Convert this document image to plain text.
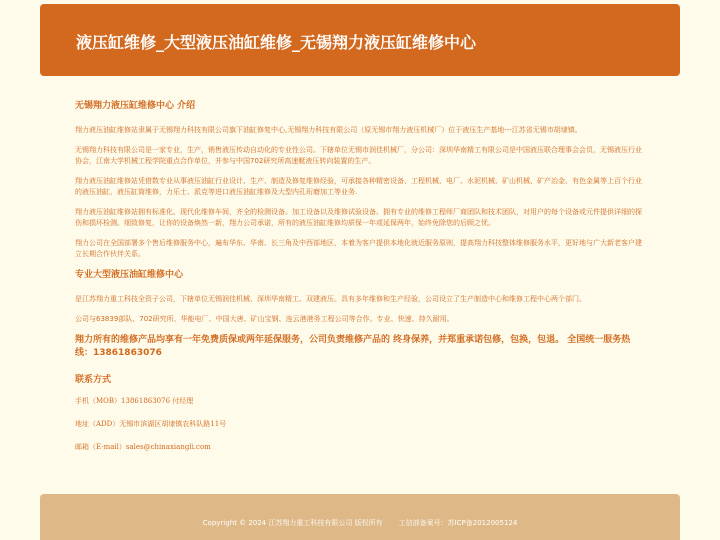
液压缸维修_大型液压油缸维修_无锡翔力液压缸维修中心
无锡翔力液压缸维修中心 介绍

翔力液压油缸维修站隶属于无锡翔力科技有限公司旗下油缸修复中心,无锡翔力科技有限公司（原无锡市翔力液压机械厂）位于液压生产基地---江苏省无锡市胡埭镇。

无锡翔力科技有限公司是一家专业，生产，销售液压传动自动化的专业性公司。下辖单位无锡市润佳机械厂，分公司：深圳华南精工有限公司是中国液压联合理事会会员，无锡液压行业协会，江南大学机械工程学院重点合作单位，并参与中国702研究所高速艇液压转向装置的生产。

翔力液压油缸维修站凭借数专业从事液压油缸行业设计、生产、制造及修复维修经验，可承接各种精密设备、工程机械、电厂、水泥机械、矿山机械、矿产冶金、有色金属等上百个行业的液压油缸、液压缸筒维修，力乐士、派克等进口液压油缸维修及大型内孔珩磨加工等业务.

翔力液压油缸维修站拥有标准化、现代化维修车间，齐全的检测设备。加工设备以及维修试验设备。拥有专业的维修工程师厂商团队和技术团队，对用户的每个设备或元件提供详细的探伤和损坏检测。细致修复，让你的设备焕然一新，翔力公司承诺，所有的液压油缸维修均质保一年或延保两年，始终免除您的后顾之忧。

翔力公司在全国部署多个售后维修服务中心，遍布华东、华南、长三角及中西部地区，本着为客户提供本地化就近服务原则，提高翔力科技整体维修服务水平，更好地与广大新老客户建立长期合作伙伴关系。

专业大型液压油缸维修中心

是江苏翔力重工科技全资子公司，下辖单位无锡润佳机械、深圳华南精工、双建液压。具有多年维修和生产经验，公司设立了生产制造中心和维修工程中心两个部门。

公司与63839部队、702研究所、华能电厂、中国大唐、矿山宝钢、连云港港务工程公司等合作。专业、快速、持久耐用。

翔力所有的维修产品均享有一年免费质保或两年延保服务，公司负责维修产品的 终身保养，并郑重承诺包修，包换，包退。 全国统一服务热线：13861863076
联系方式
手机（MOB）13861863076 付经理
地址（ADD）无锡市滨湖区胡埭镇农科队路11号
邮箱（E-mail）sales@chinaxiangli.com
Copyright © 2024 江苏翔力重工科技有限公司 版权所有 工信部备案号：苏ICP备2012005124
